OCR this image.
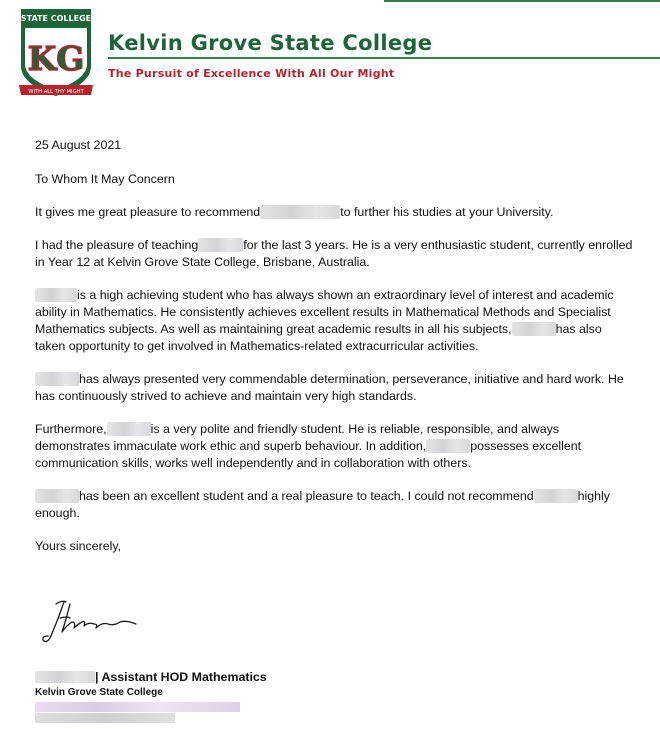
STATE COLLEGE
KG
WITH ALL THY MIGHT
Kelvin Grove State College

The Pursuit of Excellence With All Our Might

25 August 2021

To Whom It May Concern

It gives me great pleasure to recommend	to further his studies at your University.

I had the pleasure of teaching	for the last 3 years. He is a very enthusiastic student, currently enrolled in Year 12 at Kelvin Grove State College, Brisbane, Australia.

is a high achieving student who has always shown an extraordinary level of interest and academic ability in Mathematics. He consistently achieves excellent results in Mathematical Methods and Specialist Mathematics subjects. As well as maintaining great academic results in all his subjects,	has also taken opportunity to get involved in Mathematics-related extracurricular activities.

has always presented very commendable determination, perseverance, initiative and hard work. He has continuously strived to achieve and maintain very high standards.

Furthermore,	is a very polite and friendly student. He is reliable, responsible, and always demonstrates immaculate work ethic and superb behaviour. In addition,	possesses excellent communication skills, works well independently and in collaboration with others.

has been an excellent student and a real pleasure to teach. I could not recommend	highly enough.

Yours sincerely,

| Assistant HOD Mathematics
Kelvin Grove State College
